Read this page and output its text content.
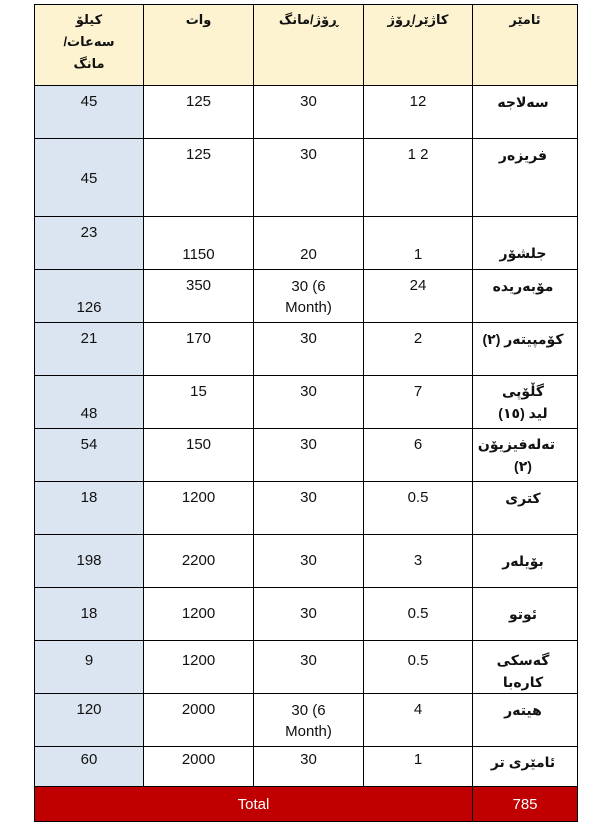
کیلۆ سەعات/مانگ	وات	ڕۆژ/مانگ	کاژێر/ڕۆژ	ئامێر

45	125	30	12	سەلاجە

45	125	30	1 2	فریزەر

23	1150	20	1	جلشۆر

126	350	30 (6 Month)	24	مۆبەریدە

21	170	30	2	کۆمپیتەر (٢)

48	15	30	7	گڵۆپی لید (١٥)

54	150	30	6	تەلەفیزیۆن (٢)

18	1200	30	0.5	کتری

198	2200	30	3	بۆیلەر

18	1200	30	0.5	ئوتو

9	1200	30	0.5	گەسکی کارەبا

120	2000	30 (6 Month)	4	هیتەر

60	2000	30	1	ئامێری تر

Total				785
